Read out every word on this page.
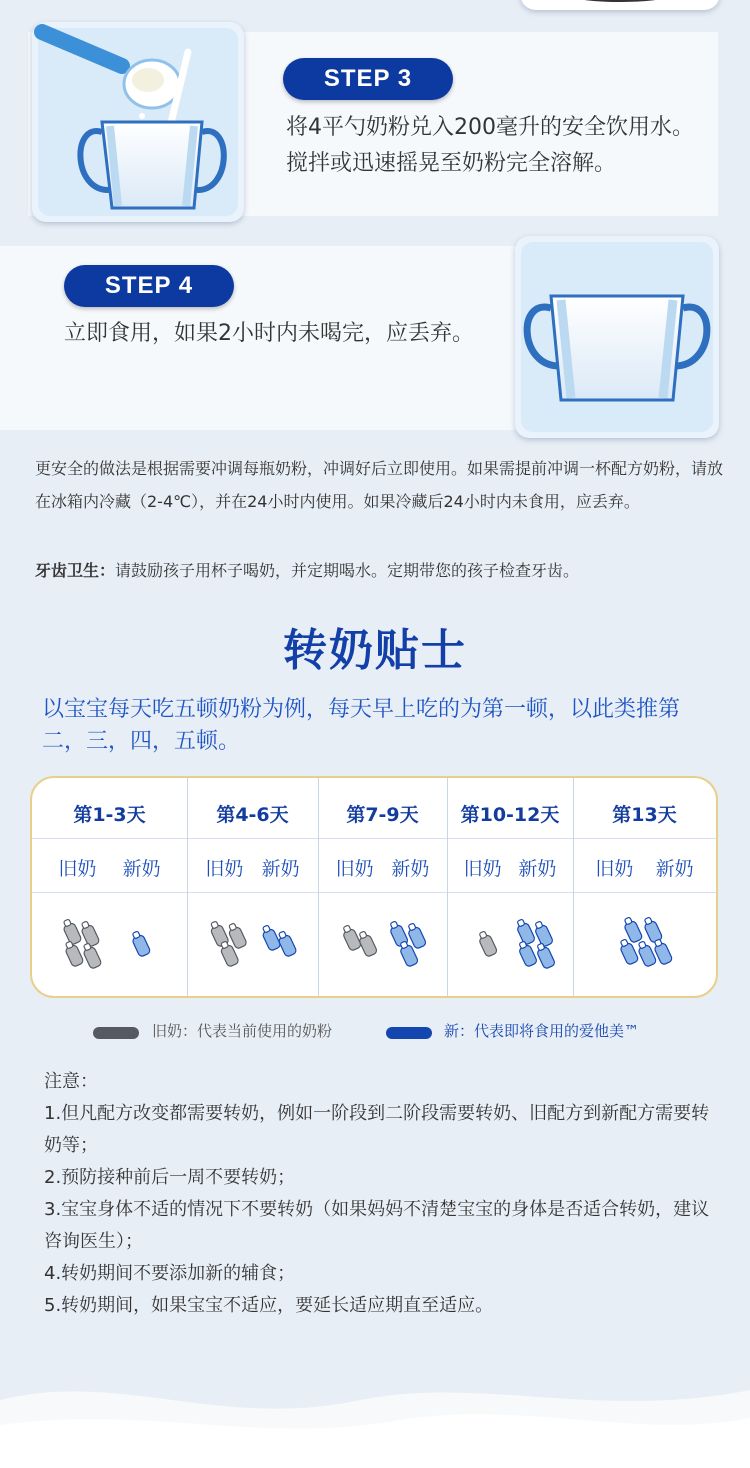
STEP 3
将4平勺奶粉兑入200毫升的安全饮用水。搅拌或迅速摇晃至奶粉完全溶解。
STEP 4
立即食用，如果2小时内未喝完，应丢弃。
更安全的做法是根据需要冲调每瓶奶粉，冲调好后立即使用。如果需提前冲调一杯配方奶粉，请放在冰箱内冷藏（2-4℃），并在24小时内使用。如果冷藏后24小时内未食用，应丢弃。
牙齿卫生：请鼓励孩子用杯子喝奶，并定期喝水。定期带您的孩子检查牙齿。
转奶贴士
以宝宝每天吃五顿奶粉为例，每天早上吃的为第一顿，以此类推第二，三，四，五顿。
第1-3天
旧奶 新奶
第4-6天
旧奶 新奶
第7-9天
旧奶 新奶
第10-12天
旧奶 新奶
第13天
旧奶 新奶
旧奶：代表当前使用的奶粉	新：代表即将食用的爱他美™
注意：
1.但凡配方改变都需要转奶，例如一阶段到二阶段需要转奶、旧配方到新配方需要转奶等；
2.预防接种前后一周不要转奶；
3.宝宝身体不适的情况下不要转奶（如果妈妈不清楚宝宝的身体是否适合转奶，建议咨询医生）；
4.转奶期间不要添加新的辅食；
5.转奶期间，如果宝宝不适应，要延长适应期直至适应。
